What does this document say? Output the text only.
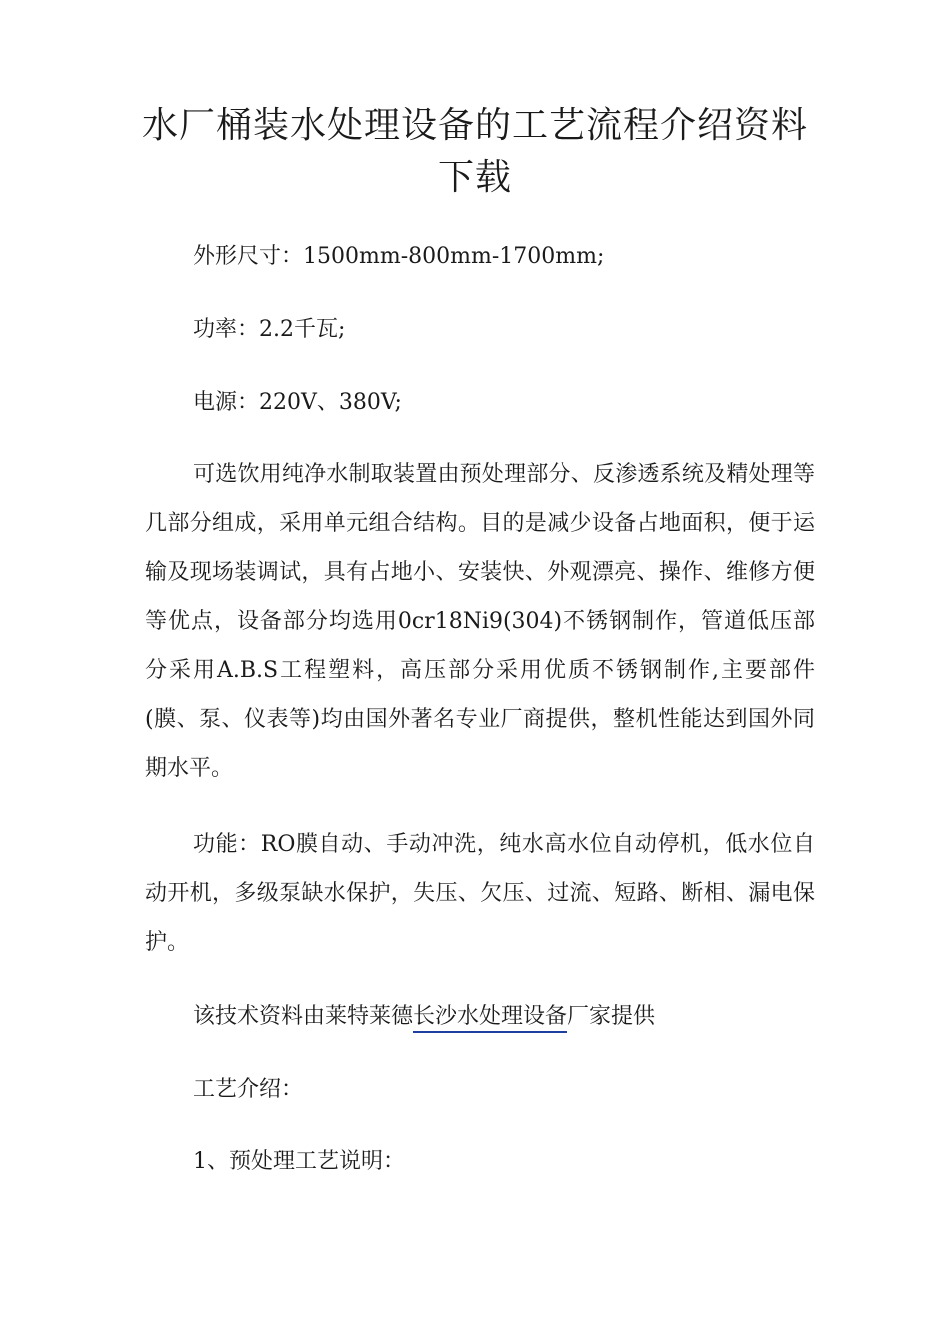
水厂桶装水处理设备的工艺流程介绍资料下载

外形尺寸：1500mm-800mm-1700mm;

功率：2.2千瓦;

电源：220V、380V;

可选饮用纯净水制取装置由预处理部分、反渗透系统及精处理等几部分组成，采用单元组合结构。目的是减少设备占地面积，便于运输及现场装调试，具有占地小、安装快、外观漂亮、操作、维修方便等优点，设备部分均选用0cr18Ni9(304)不锈钢制作，管道低压部分采用A.B.S工程塑料，高压部分采用优质不锈钢制作,主要部件(膜、泵、仪表等)均由国外著名专业厂商提供，整机性能达到国外同期水平。

功能：RO膜自动、手动冲洗，纯水高水位自动停机，低水位自动开机，多级泵缺水保护，失压、欠压、过流、短路、断相、漏电保护。

该技术资料由莱特莱德长沙水处理设备厂家提供

工艺介绍：

1、预处理工艺说明：
